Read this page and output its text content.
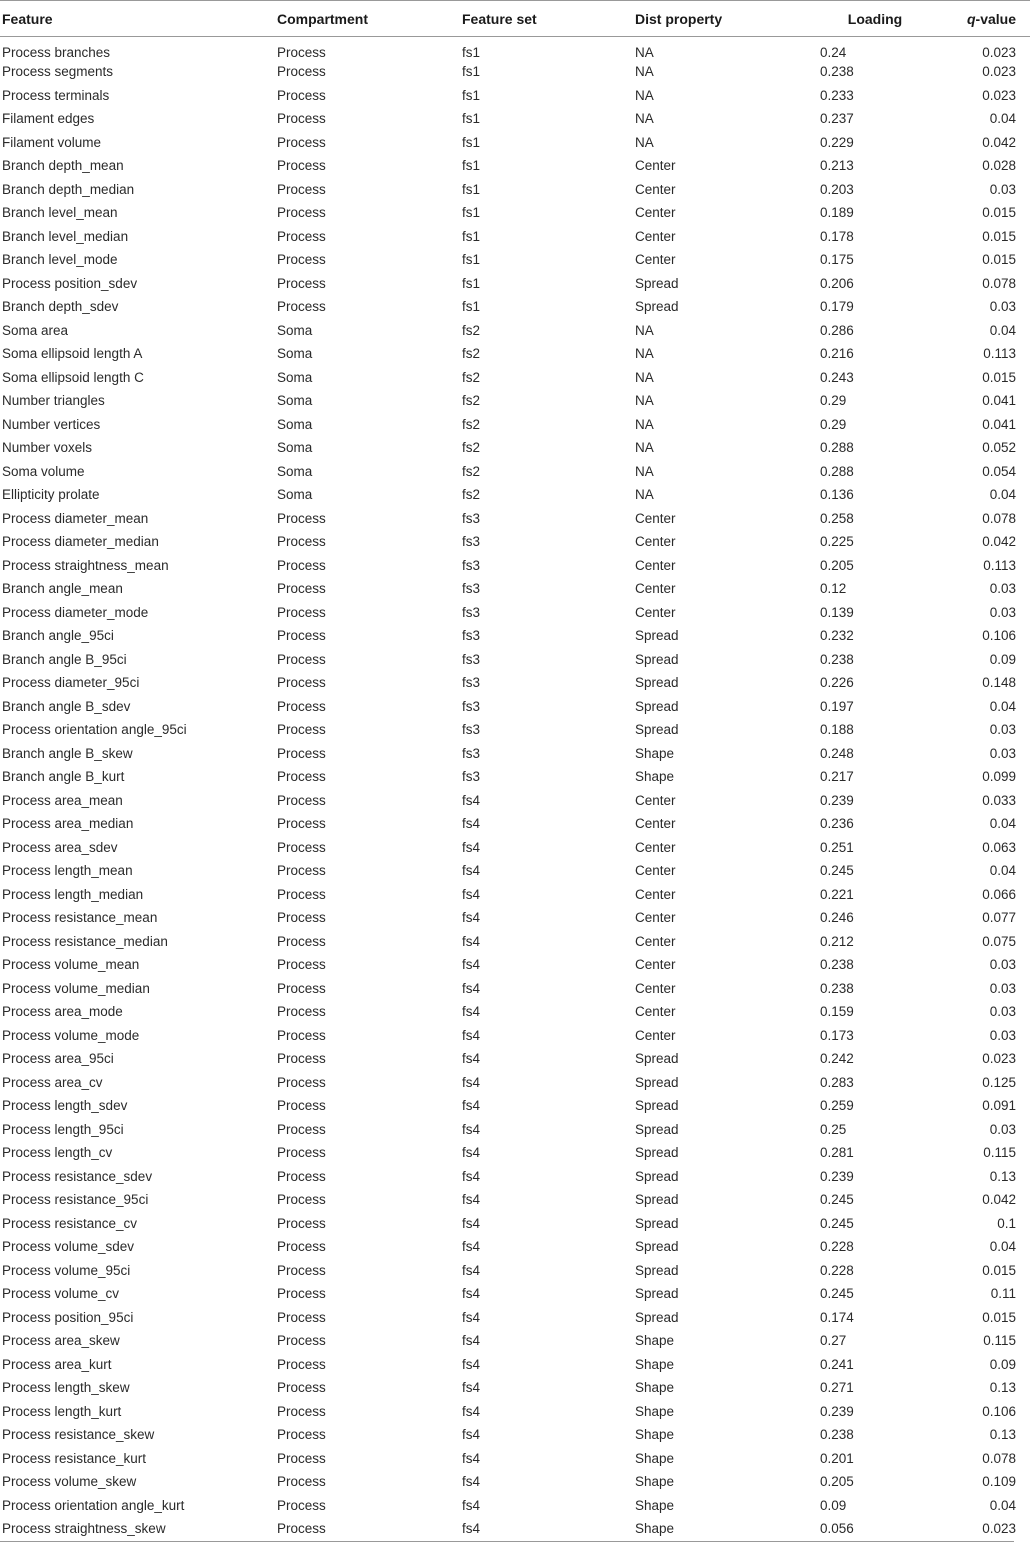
Feature	Compartment	Feature set	Dist property	Loading	q-value
Process branches	Process	fs1	NA	0.24	0.023
Process segments	Process	fs1	NA	0.238	0.023
Process terminals	Process	fs1	NA	0.233	0.023
Filament edges	Process	fs1	NA	0.237	0.04
Filament volume	Process	fs1	NA	0.229	0.042
Branch depth_mean	Process	fs1	Center	0.213	0.028
Branch depth_median	Process	fs1	Center	0.203	0.03
Branch level_mean	Process	fs1	Center	0.189	0.015
Branch level_median	Process	fs1	Center	0.178	0.015
Branch level_mode	Process	fs1	Center	0.175	0.015
Process position_sdev	Process	fs1	Spread	0.206	0.078
Branch depth_sdev	Process	fs1	Spread	0.179	0.03
Soma area	Soma	fs2	NA	0.286	0.04
Soma ellipsoid length A	Soma	fs2	NA	0.216	0.113
Soma ellipsoid length C	Soma	fs2	NA	0.243	0.015
Number triangles	Soma	fs2	NA	0.29	0.041
Number vertices	Soma	fs2	NA	0.29	0.041
Number voxels	Soma	fs2	NA	0.288	0.052
Soma volume	Soma	fs2	NA	0.288	0.054
Ellipticity prolate	Soma	fs2	NA	0.136	0.04
Process diameter_mean	Process	fs3	Center	0.258	0.078
Process diameter_median	Process	fs3	Center	0.225	0.042
Process straightness_mean	Process	fs3	Center	0.205	0.113
Branch angle_mean	Process	fs3	Center	0.12	0.03
Process diameter_mode	Process	fs3	Center	0.139	0.03
Branch angle_95ci	Process	fs3	Spread	0.232	0.106
Branch angle B_95ci	Process	fs3	Spread	0.238	0.09
Process diameter_95ci	Process	fs3	Spread	0.226	0.148
Branch angle B_sdev	Process	fs3	Spread	0.197	0.04
Process orientation angle_95ci	Process	fs3	Spread	0.188	0.03
Branch angle B_skew	Process	fs3	Shape	0.248	0.03
Branch angle B_kurt	Process	fs3	Shape	0.217	0.099
Process area_mean	Process	fs4	Center	0.239	0.033
Process area_median	Process	fs4	Center	0.236	0.04
Process area_sdev	Process	fs4	Center	0.251	0.063
Process length_mean	Process	fs4	Center	0.245	0.04
Process length_median	Process	fs4	Center	0.221	0.066
Process resistance_mean	Process	fs4	Center	0.246	0.077
Process resistance_median	Process	fs4	Center	0.212	0.075
Process volume_mean	Process	fs4	Center	0.238	0.03
Process volume_median	Process	fs4	Center	0.238	0.03
Process area_mode	Process	fs4	Center	0.159	0.03
Process volume_mode	Process	fs4	Center	0.173	0.03
Process area_95ci	Process	fs4	Spread	0.242	0.023
Process area_cv	Process	fs4	Spread	0.283	0.125
Process length_sdev	Process	fs4	Spread	0.259	0.091
Process length_95ci	Process	fs4	Spread	0.25	0.03
Process length_cv	Process	fs4	Spread	0.281	0.115
Process resistance_sdev	Process	fs4	Spread	0.239	0.13
Process resistance_95ci	Process	fs4	Spread	0.245	0.042
Process resistance_cv	Process	fs4	Spread	0.245	0.1
Process volume_sdev	Process	fs4	Spread	0.228	0.04
Process volume_95ci	Process	fs4	Spread	0.228	0.015
Process volume_cv	Process	fs4	Spread	0.245	0.11
Process position_95ci	Process	fs4	Spread	0.174	0.015
Process area_skew	Process	fs4	Shape	0.27	0.115
Process area_kurt	Process	fs4	Shape	0.241	0.09
Process length_skew	Process	fs4	Shape	0.271	0.13
Process length_kurt	Process	fs4	Shape	0.239	0.106
Process resistance_skew	Process	fs4	Shape	0.238	0.13
Process resistance_kurt	Process	fs4	Shape	0.201	0.078
Process volume_skew	Process	fs4	Shape	0.205	0.109
Process orientation angle_kurt	Process	fs4	Shape	0.09	0.04
Process straightness_skew	Process	fs4	Shape	0.056	0.023
